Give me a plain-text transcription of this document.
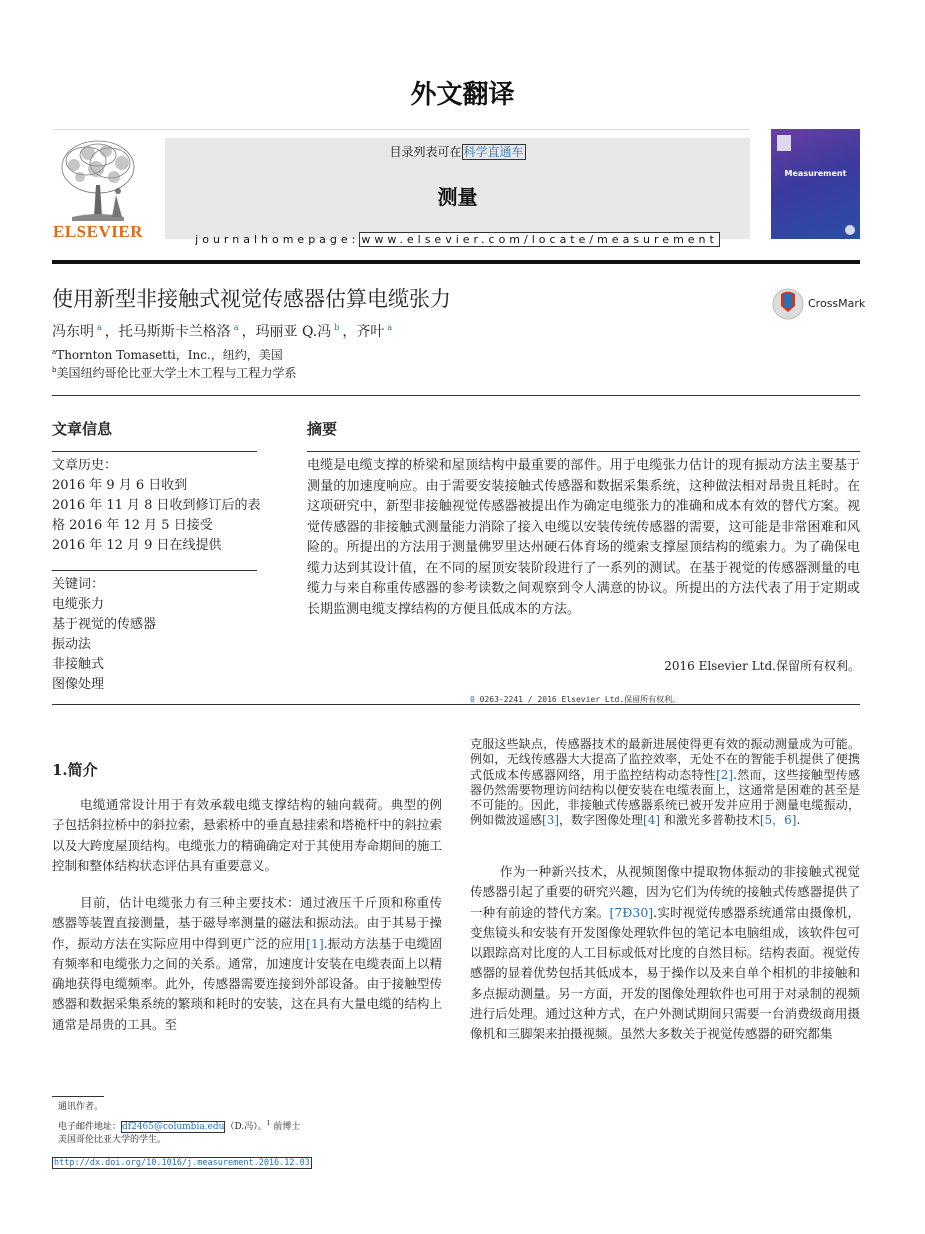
外文翻译
ELSEVIER
目录列表可在 科学直通车
测量
journalhomepage: www.elsevier.com/locate/measurement
Measurement
使用新型非接触式视觉传感器估算电缆张力	CrossMark
冯东明 $^a$ ，托马斯斯卡兰格洛 $^a$ ，玛丽亚 Q.冯 $^b$ ，齐叶 $^a$
$^a$Thornton Tomasetti，Inc.，纽约，美国
$^b$美国纽约哥伦比亚大学土木工程与工程力学系
文章信息	摘要
文章历史：
2016 年 9 月 6 日收到
2016 年 11 月 8 日收到修订后的表格 2016 年 12 月 5 日接受
2016 年 12 月 9 日在线提供
关键词：
电缆张力
基于视觉的传感器
振动法
非接触式
图像处理
电缆是电缆支撑的桥梁和屋顶结构中最重要的部件。用于电缆张力估计的现有振动方法主要基于测量的加速度响应。由于需要安装接触式传感器和数据采集系统，这种做法相对昂贵且耗时。在这项研究中，新型非接触视觉传感器被提出作为确定电缆张力的准确和成本有效的替代方案。视觉传感器的非接触式测量能力消除了接入电缆以安装传统传感器的需要，这可能是非常困难和风险的。所提出的方法用于测量佛罗里达州硬石体育场的缆索支撑屋顶结构的缆索力。为了确保电缆力达到其设计值，在不同的屋顶安装阶段进行了一系列的测试。在基于视觉的传感器测量的电缆力与来自称重传感器的参考读数之间观察到令人满意的协议。所提出的方法代表了用于定期或长期监测电缆支撑结构的方便且低成本的方法。
2016 Elsevier Ltd.保留所有权利。
0 0263-2241 / 2016 Elsevier Ltd.保留所有权利。
1.简介
电缆通常设计用于有效承载电缆支撑结构的轴向载荷。典型的例子包括斜拉桥中的斜拉索，悬索桥中的垂直悬挂索和塔桅杆中的斜拉索以及大跨度屋顶结构。电缆张力的精确确定对于其使用寿命期间的施工控制和整体结构状态评估具有重要意义。
目前，估计电缆张力有三种主要技术：通过液压千斤顶和称重传感器等装置直接测量，基于磁导率测量的磁法和振动法。由于其易于操作，振动方法在实际应用中得到更广泛的应用[1].振动方法基于电缆固有频率和电缆张力之间的关系。通常，加速度计安装在电缆表面上以精确地获得电缆频率。此外，传感器需要连接到外部设备。由于接触型传感器和数据采集系统的繁琐和耗时的安装，这在具有大量电缆的结构上通常是昂贵的工具。至
克服这些缺点，传感器技术的最新进展使得更有效的振动测量成为可能。例如，无线传感器大大提高了监控效率，无处不在的智能手机提供了便携式低成本传感器网络，用于监控结构动态特性[2].然而，这些接触型传感器仍然需要物理访问结构以便安装在电缆表面上，这通常是困难的甚至是不可能的。因此，非接触式传感器系统已被开发并应用于测量电缆振动，例如微波遥感[3]，数字图像处理[4] 和激光多普勒技术[5，6].
作为一种新兴技术，从视频图像中提取物体振动的非接触式视觉传感器引起了重要的研究兴趣，因为它们为传统的接触式传感器提供了一种有前途的替代方案。[7Ð30].实时视觉传感器系统通常由摄像机，变焦镜头和安装有开发图像处理软件包的笔记本电脑组成，该软件包可以跟踪高对比度的人工目标或低对比度的自然目标。结构表面。视觉传感器的显着优势包括其低成本，易于操作以及来自单个相机的非接触和多点振动测量。另一方面，开发的图像处理软件也可用于对录制的视频进行后处理。通过这种方式，在户外测试期间只需要一台消费级商用摄像机和三脚架来拍摄视频。虽然大多数关于视觉传感器的研究都集
通讯作者。
电子邮件地址：df2465@columbia.edu（D.冯）。$^1$ 前博士美国哥伦比亚大学的学生。
http://dx.doi.org/10.1016/j.measurement.2016.12.03
